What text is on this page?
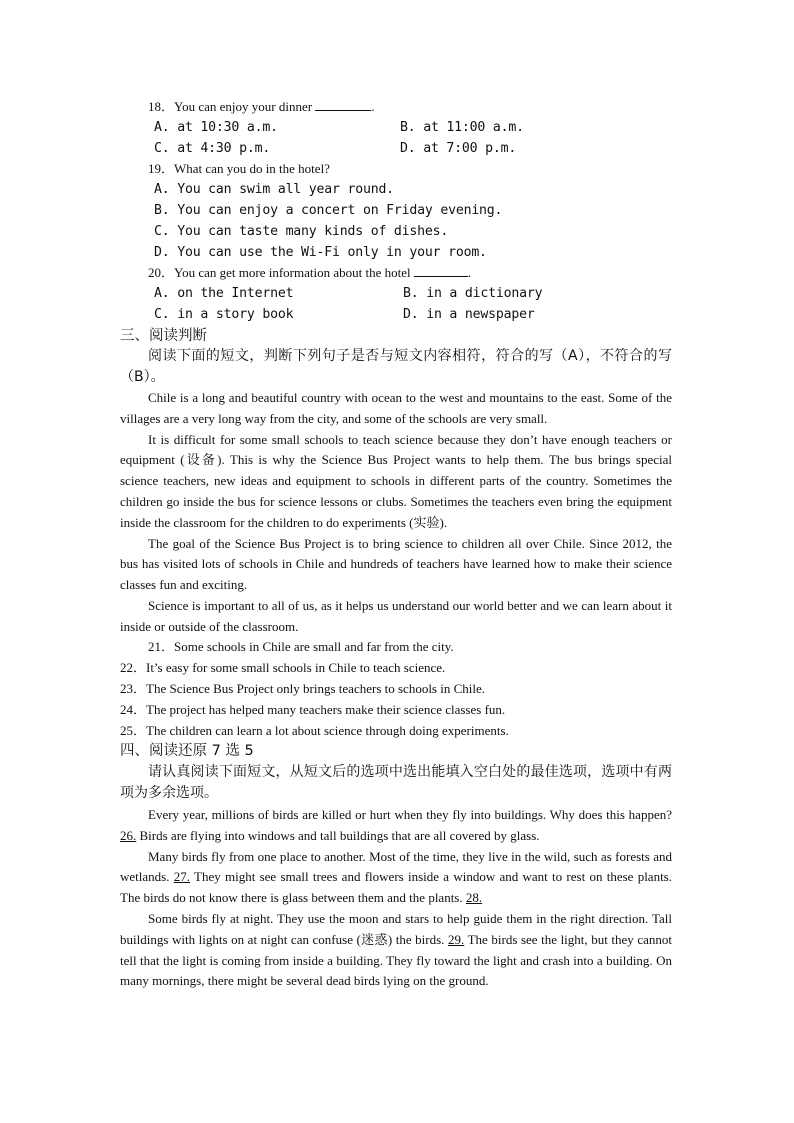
18．You can enjoy your dinner	.
A. at 10:30 a.m.	B. at 11:00 a.m.
C. at 4:30 p.m.	D. at 7:00 p.m.
19．What can you do in the hotel?
A. You can swim all year round.
B. You can enjoy a concert on Friday evening.
C. You can taste many kinds of dishes.
D. You can use the Wi-Fi only in your room.
20．You can get more information about the hotel	.
A. on the Internet	B. in a dictionary
C. in a story book	D. in a newspaper
三、阅读判断

阅读下面的短文，判断下列句子是否与短文内容相符，符合的写（A），不符合的写（B）。

Chile is a long and beautiful country with ocean to the west and mountains to the east. Some of the villages are a very long way from the city, and some of the schools are very small.

It is difficult for some small schools to teach science because they don’t have enough teachers or equipment (设备). This is why the Science Bus Project wants to help them. The bus brings special science teachers, new ideas and equipment to schools in different parts of the country. Sometimes the children go inside the bus for science lessons or clubs. Sometimes the teachers even bring the equipment inside the classroom for the children to do experiments (实验).

The goal of the Science Bus Project is to bring science to children all over Chile. Since 2012, the bus has visited lots of schools in Chile and hundreds of teachers have learned how to make their science classes fun and exciting.

Science is important to all of us, as it helps us understand our world better and we can learn about it inside or outside of the classroom.

21．Some schools in Chile are small and far from the city.
22．It’s easy for some small schools in Chile to teach science.
23．The Science Bus Project only brings teachers to schools in Chile.
24．The project has helped many teachers make their science classes fun.
25．The children can learn a lot about science through doing experiments.
四、阅读还原 7 选 5

请认真阅读下面短文，从短文后的选项中选出能填入空白处的最佳选项，选项中有两项为多余选项。

Every year, millions of birds are killed or hurt when they fly into buildings. Why does this happen? 26. Birds are flying into windows and tall buildings that are all covered by glass.

Many birds fly from one place to another. Most of the time, they live in the wild, such as forests and wetlands. 27. They might see small trees and flowers inside a window and want to rest on these plants. The birds do not know there is glass between them and the plants. 28.

Some birds fly at night. They use the moon and stars to help guide them in the right direction. Tall buildings with lights on at night can confuse (迷惑) the birds. 29. The birds see the light, but they cannot tell that the light is coming from inside a building. They fly toward the light and crash into a building. On many mornings, there might be several dead birds lying on the ground.
